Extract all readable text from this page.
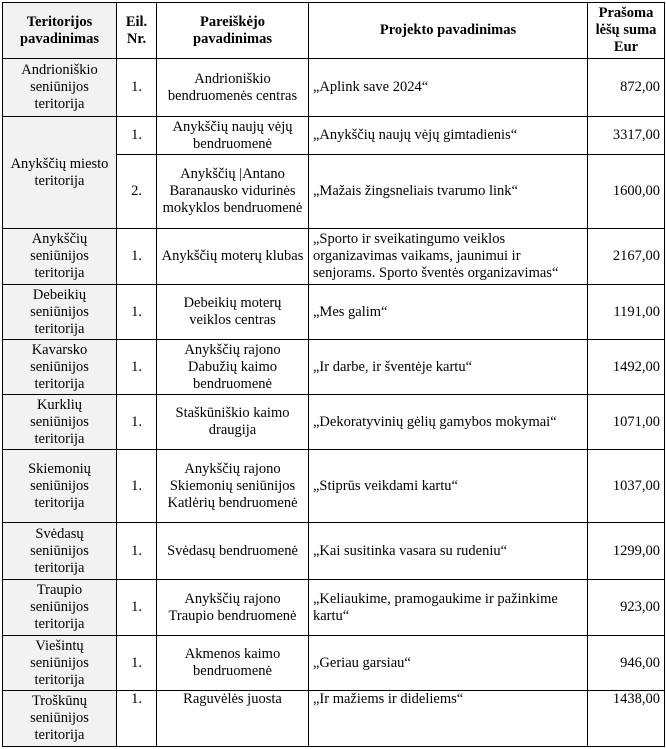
Teritorijos pavadinimas	Eil. Nr.	Pareiškėjo pavadinimas	Projekto pavadinimas	Prašoma lėšų suma Eur
Andrioniškio seniūnijos teritorija	1.	Andrioniškio bendruomenės centras	„Aplink save 2024“	872,00
Anykščių miesto teritorija	1.	Anykščių naujų vėjų bendruomenė	„Anykščių naujų vėjų gimtadienis“	3317,00
	2.	Anykščių |Antano Baranausko vidurinės mokyklos bendruomenė	„Mažais žingsneliais tvarumo link“	1600,00
Anykščių seniūnijos teritorija	1.	Anykščių moterų klubas	„Sporto ir sveikatingumo veiklos organizavimas vaikams, jaunimui ir senjorams. Sporto šventės organizavimas“	2167,00
Debeikių seniūnijos teritorija	1.	Debeikių moterų veiklos centras	„Mes galim“	1191,00
Kavarsko seniūnijos teritorija	1.	Anykščių rajono Dabužių kaimo bendruomenė	„Ir darbe, ir šventėje kartu“	1492,00
Kurklių seniūnijos teritorija	1.	Staškūniškio kaimo draugija	„Dekoratyvinių gėlių gamybos mokymai“	1071,00
Skiemonių seniūnijos teritorija	1.	Anykščių rajono Skiemonių seniūnijos Katlėrių bendruomenė	„Stiprūs veikdami kartu“	1037,00
Svėdasų seniūnijos teritorija	1.	Svėdasų bendruomenė	„Kai susitinka vasara su rudeniu“	1299,00
Traupio seniūnijos teritorija	1.	Anykščių rajono Traupio bendruomenė	„Keliaukime, pramogaukime ir pažinkime kartu“	923,00
Viešintų seniūnijos teritorija	1.	Akmenos kaimo bendruomenė	„Geriau garsiau“	946,00
Troškūnų seniūnijos teritorija	1.	Raguvėlės juosta	„Ir mažiems ir dideliems“	1438,00
